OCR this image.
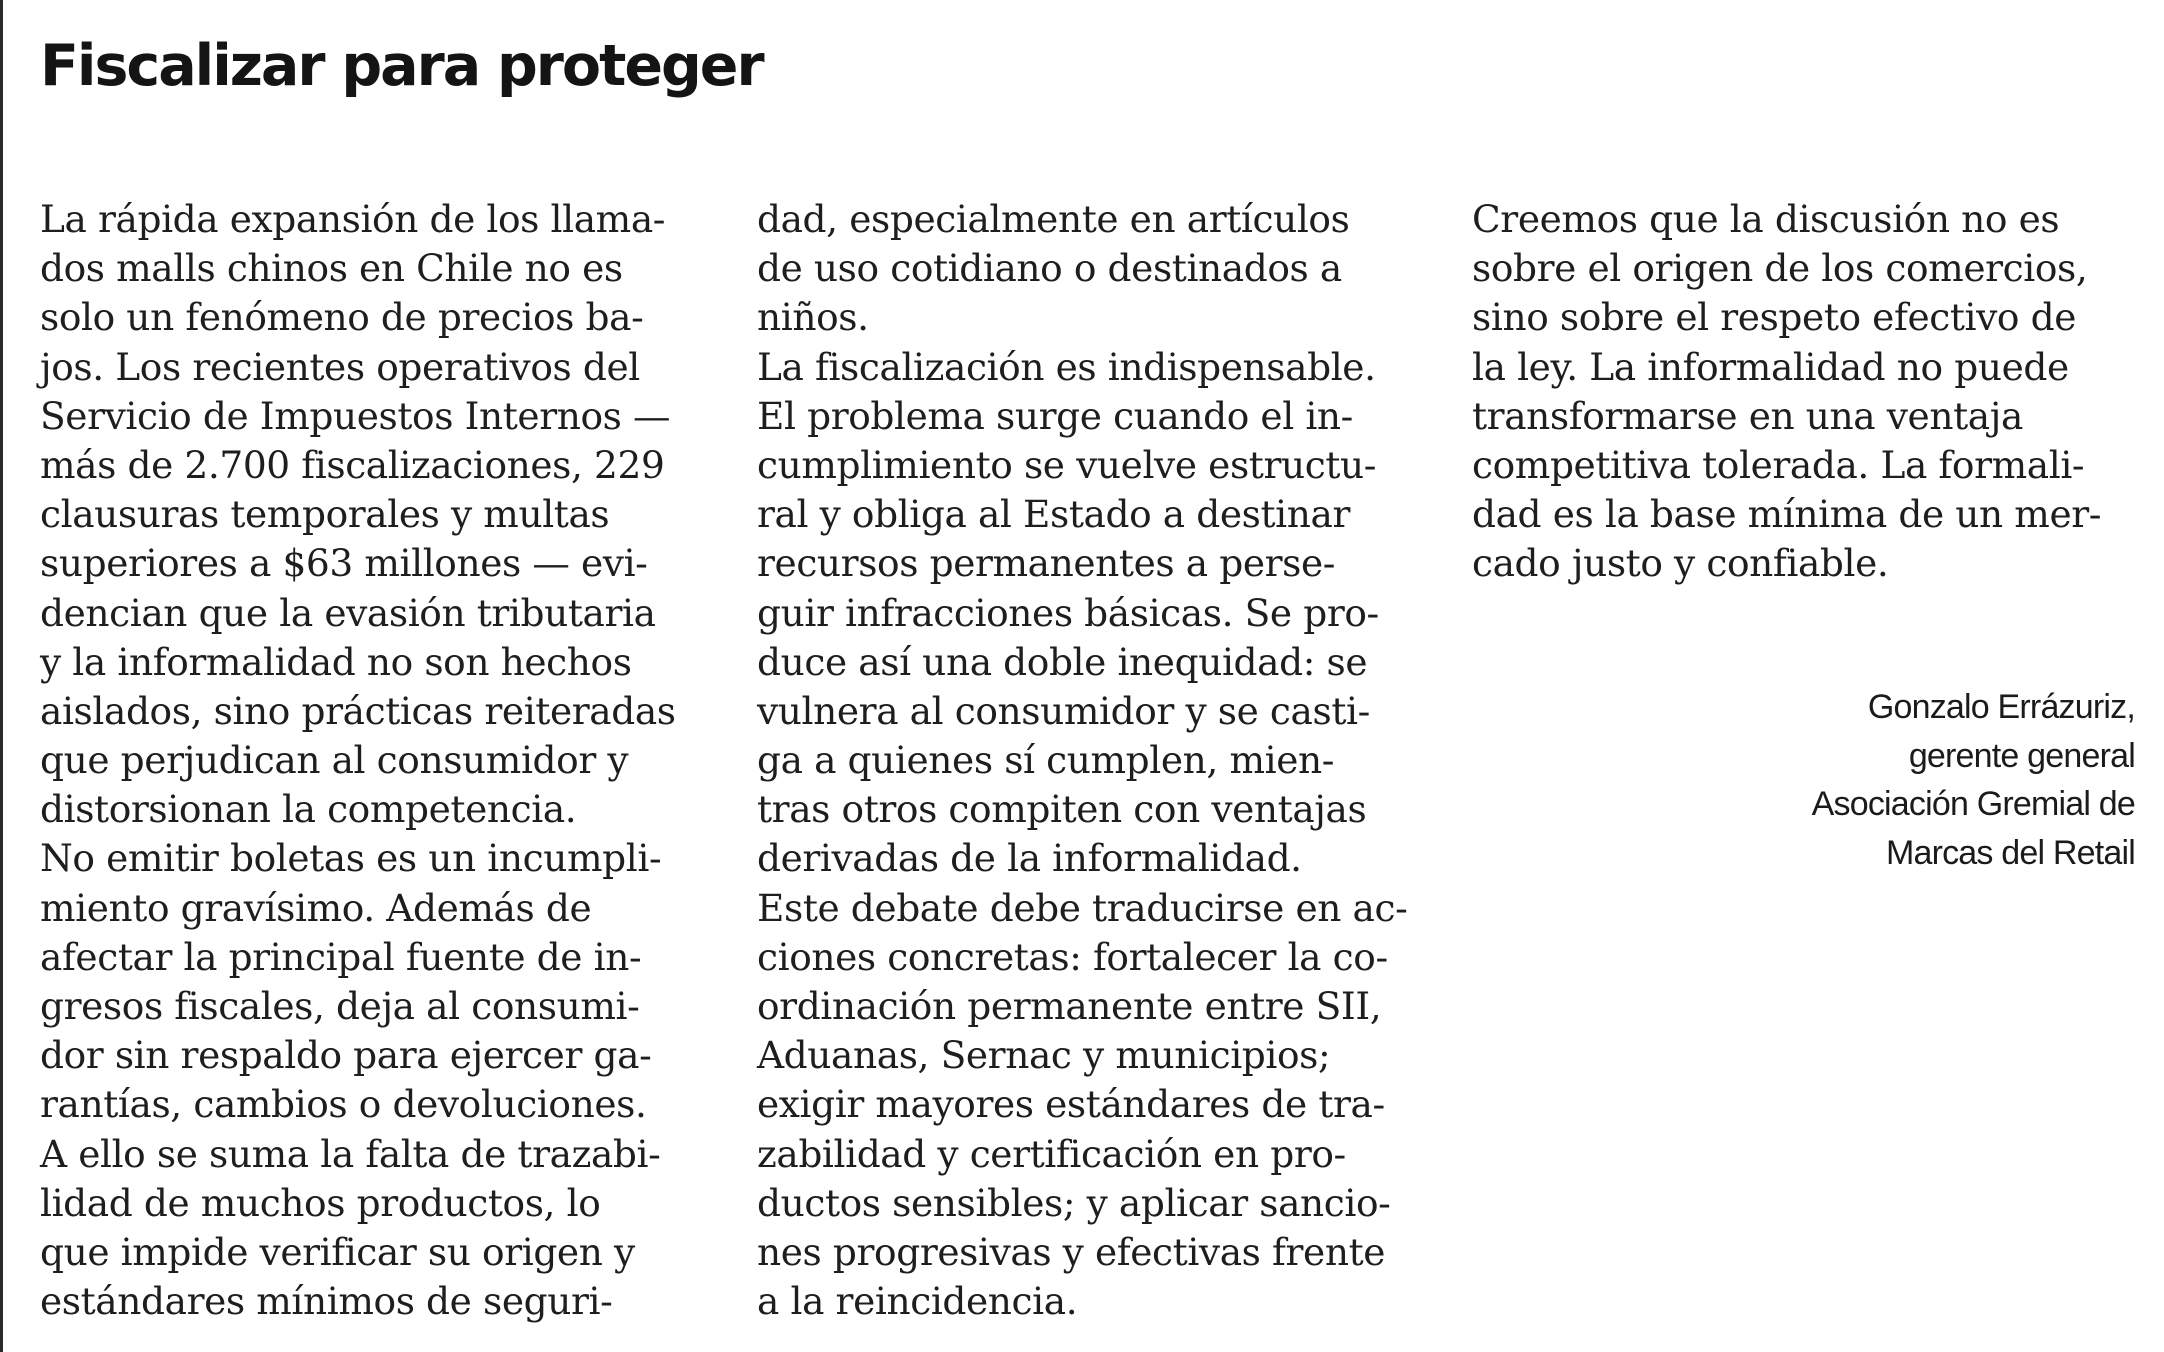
Fiscalizar para proteger
La rápida expansión de los llama-
dos malls chinos en Chile no es
solo un fenómeno de precios ba-
jos. Los recientes operativos del
Servicio de Impuestos Internos —
más de 2.700 fiscalizaciones, 229
clausuras temporales y multas
superiores a $63 millones — evi-
dencian que la evasión tributaria
y la informalidad no son hechos
aislados, sino prácticas reiteradas
que perjudican al consumidor y
distorsionan la competencia.
No emitir boletas es un incumpli-
miento gravísimo. Además de
afectar la principal fuente de in-
gresos fiscales, deja al consumi-
dor sin respaldo para ejercer ga-
rantías, cambios o devoluciones.
A ello se suma la falta de trazabi-
lidad de muchos productos, lo
que impide verificar su origen y
estándares mínimos de seguri-
dad, especialmente en artículos
de uso cotidiano o destinados a
niños.
La fiscalización es indispensable.
El problema surge cuando el in-
cumplimiento se vuelve estructu-
ral y obliga al Estado a destinar
recursos permanentes a perse-
guir infracciones básicas. Se pro-
duce así una doble inequidad: se
vulnera al consumidor y se casti-
ga a quienes sí cumplen, mien-
tras otros compiten con ventajas
derivadas de la informalidad.
Este debate debe traducirse en ac-
ciones concretas: fortalecer la co-
ordinación permanente entre SII,
Aduanas, Sernac y municipios;
exigir mayores estándares de tra-
zabilidad y certificación en pro-
ductos sensibles; y aplicar sancio-
nes progresivas y efectivas frente
a la reincidencia.
Creemos que la discusión no es
sobre el origen de los comercios,
sino sobre el respeto efectivo de
la ley. La informalidad no puede
transformarse en una ventaja
competitiva tolerada. La formali-
dad es la base mínima de un mer-
cado justo y confiable.
Gonzalo Errázuriz,
gerente general
Asociación Gremial de
Marcas del Retail
